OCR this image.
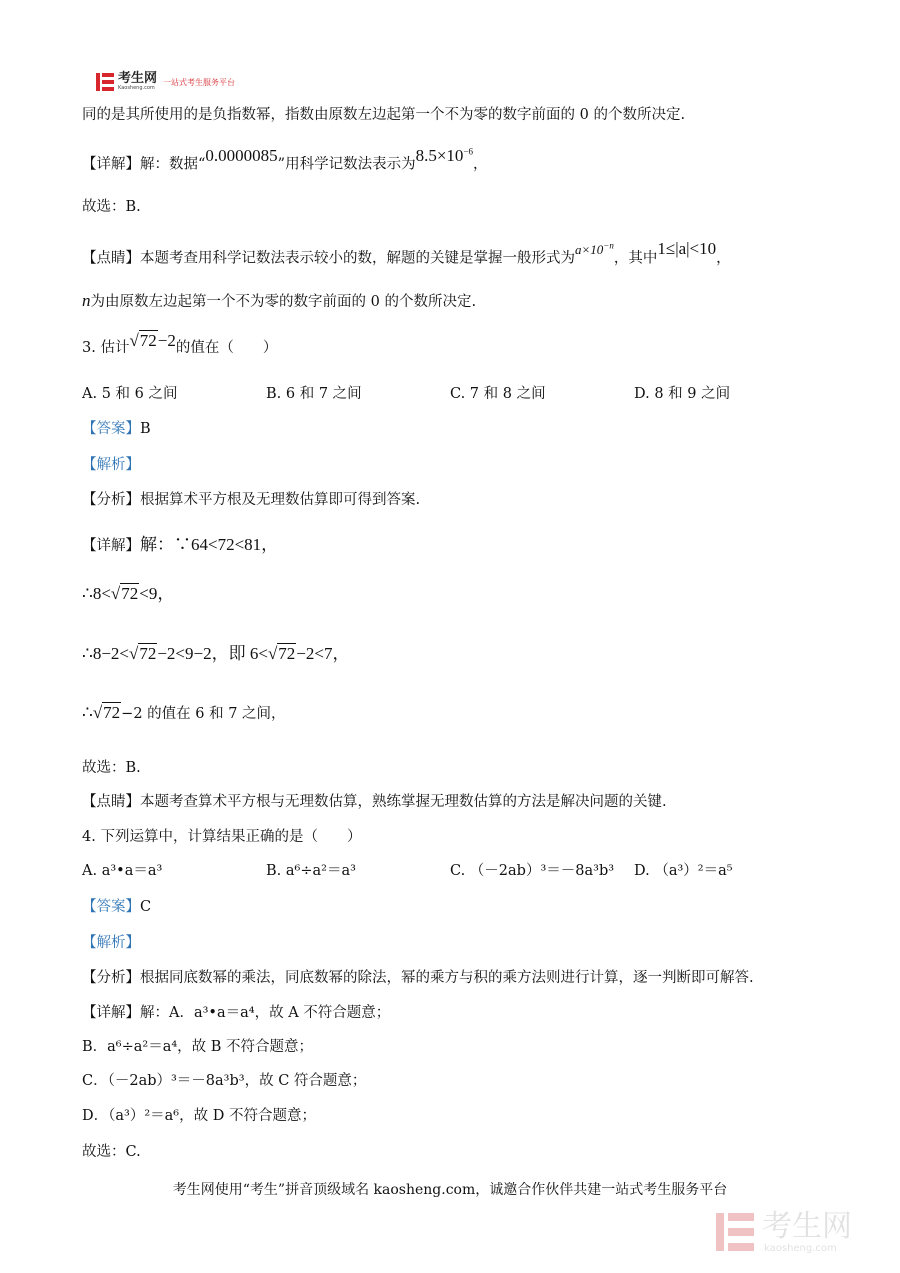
考生网
Kaosheng.com
一站式考生服务平台
同的是其所使用的是负指数幂，指数由原数左边起第一个不为零的数字前面的 0 的个数所决定.
【详解】解：数据“0.0000085”用科学记数法表示为$8.5\times 10^{-6}$，
故选：B.
【点睛】本题考查用科学记数法表示较小的数，解题的关键是掌握一般形式为$a\times 10^{-n}$，其中1≤|a|<10，
n为由原数左边起第一个不为零的数字前面的 0 的个数所决定.
3. 估计√72−2的值在（　　）
A. 5 和 6 之间	B. 6 和 7 之间	C. 7 和 8 之间	D. 8 和 9 之间
【答案】B
【解析】
【分析】根据算术平方根及无理数估算即可得到答案.
【详解】解：∵64<72<81，
∴8<√72<9，
∴8−2<√72−2<9−2，即 6<√72−2<7，
∴√72−2 的值在 6 和 7 之间，
故选：B.
【点睛】本题考查算术平方根与无理数估算，熟练掌握无理数估算的方法是解决问题的关键.
4. 下列运算中，计算结果正确的是（　　）
A. a³•a＝a³	B. a⁶÷a²＝a³	C. （－2ab）³＝－8a³b³ D. （a³）²＝a⁵
【答案】C
【解析】
【分析】根据同底数幂的乘法，同底数幂的除法，幂的乘方与积的乘方法则进行计算，逐一判断即可解答.
【详解】解：A．a³•a＝a⁴，故 A 不符合题意；
B．a⁶÷a²＝a⁴，故 B 不符合题意；
C．（－2ab）³＝－8a³b³，故 C 符合题意；
D．（a³）²＝a⁶，故 D 不符合题意；
故选：C.
考生网使用“考生”拼音顶级域名 kaosheng.com，诚邀合作伙伴共建一站式考生服务平台
考生网
kaosheng.com
